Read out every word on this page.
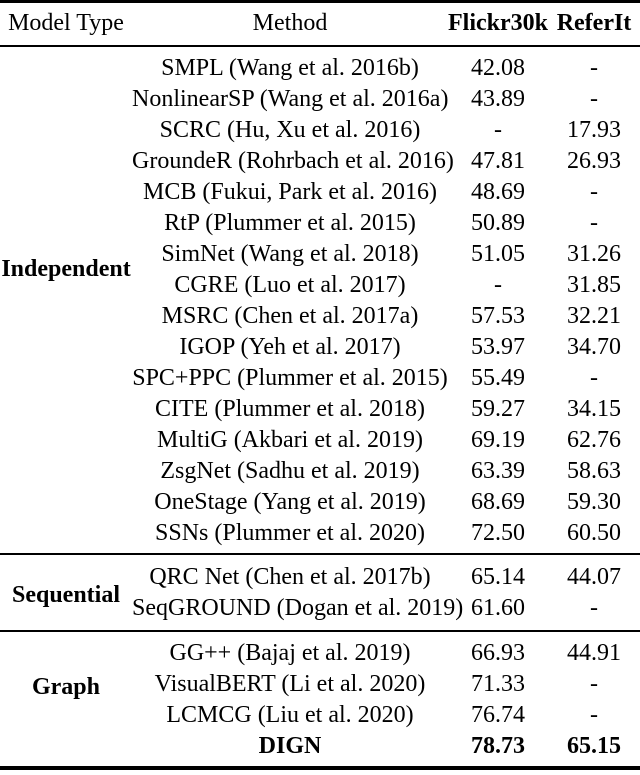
Model Type	Method	Flickr30k	ReferIt
Independent	SMPL (Wang et al. 2016b)	42.08	-
	NonlinearSP (Wang et al. 2016a)	43.89	-
	SCRC (Hu, Xu et al. 2016)	-	17.93
	GroundeR (Rohrbach et al. 2016)	47.81	26.93
	MCB (Fukui, Park et al. 2016)	48.69	-
	RtP (Plummer et al. 2015)	50.89	-
	SimNet (Wang et al. 2018)	51.05	31.26
	CGRE (Luo et al. 2017)	-	31.85
	MSRC (Chen et al. 2017a)	57.53	32.21
	IGOP (Yeh et al. 2017)	53.97	34.70
	SPC+PPC (Plummer et al. 2015)	55.49	-
	CITE (Plummer et al. 2018)	59.27	34.15
	MultiG (Akbari et al. 2019)	69.19	62.76
	ZsgNet (Sadhu et al. 2019)	63.39	58.63
	OneStage (Yang et al. 2019)	68.69	59.30
	SSNs (Plummer et al. 2020)	72.50	60.50
Sequential	QRC Net (Chen et al. 2017b)	65.14	44.07
	SeqGROUND (Dogan et al. 2019)	61.60	-
Graph	GG++ (Bajaj et al. 2019)	66.93	44.91
	VisualBERT (Li et al. 2020)	71.33	-
	LCMCG (Liu et al. 2020)	76.74	-
	DIGN	78.73	65.15
